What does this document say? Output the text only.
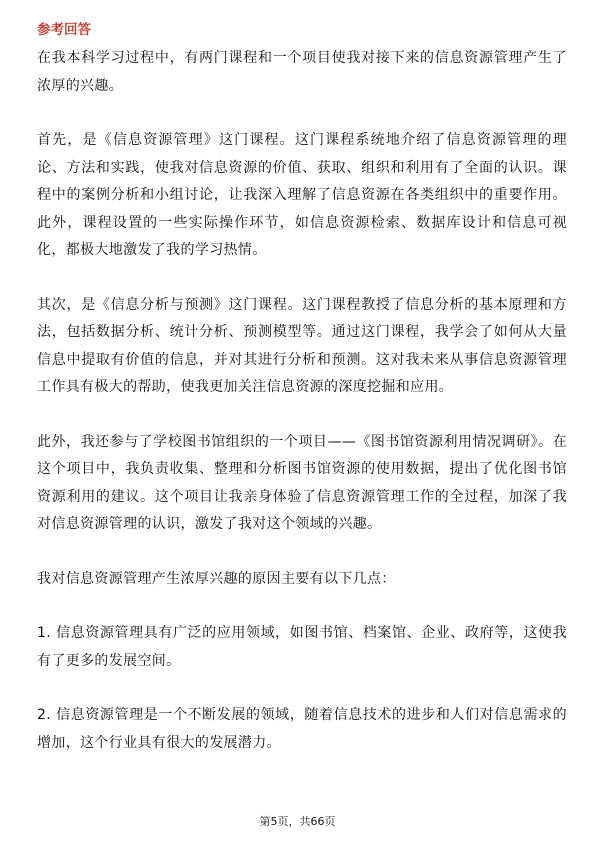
参考回答

在我本科学习过程中，有两门课程和一个项目使我对接下来的信息资源管理产生了浓厚的兴趣。

首先，是《信息资源管理》这门课程。这门课程系统地介绍了信息资源管理的理论、方法和实践，使我对信息资源的价值、获取、组织和利用有了全面的认识。课程中的案例分析和小组讨论，让我深入理解了信息资源在各类组织中的重要作用。此外，课程设置的一些实际操作环节，如信息资源检索、数据库设计和信息可视化，都极大地激发了我的学习热情。

其次，是《信息分析与预测》这门课程。这门课程教授了信息分析的基本原理和方法，包括数据分析、统计分析、预测模型等。通过这门课程，我学会了如何从大量信息中提取有价值的信息，并对其进行分析和预测。这对我未来从事信息资源管理工作具有极大的帮助，使我更加关注信息资源的深度挖掘和应用。

此外，我还参与了学校图书馆组织的一个项目——《图书馆资源利用情况调研》。在这个项目中，我负责收集、整理和分析图书馆资源的使用数据，提出了优化图书馆资源利用的建议。这个项目让我亲身体验了信息资源管理工作的全过程，加深了我对信息资源管理的认识，激发了我对这个领域的兴趣。

我对信息资源管理产生浓厚兴趣的原因主要有以下几点：

1. 信息资源管理具有广泛的应用领域，如图书馆、档案馆、企业、政府等，这使我有了更多的发展空间。

2. 信息资源管理是一个不断发展的领域，随着信息技术的进步和人们对信息需求的增加，这个行业具有很大的发展潜力。

第5页，共66页
